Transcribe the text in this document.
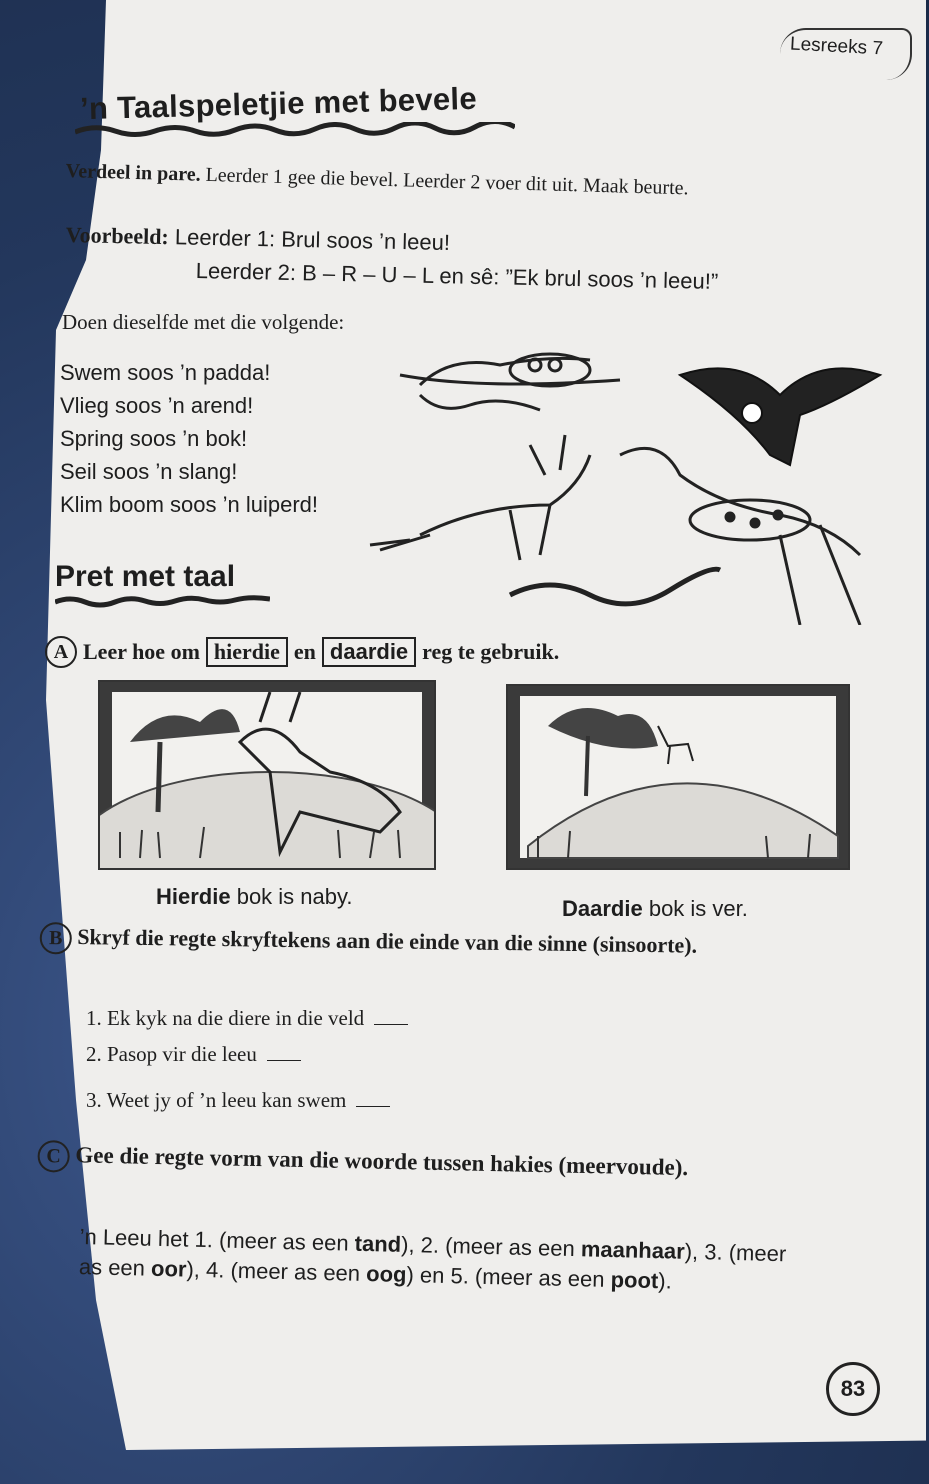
Lesreeks 7
’n Taalspeletjie met bevele
Verdeel in pare. Leerder 1 gee die bevel. Leerder 2 voer dit uit. Maak beurte.
Voorbeeld: Leerder 1: Brul soos ’n leeu!
Leerder 2: B – R – U – L en sê: ”Ek brul soos ’n leeu!”
Doen dieselfde met die volgende:
Swem soos ’n padda!
Vlieg soos ’n arend!
Spring soos ’n bok!
Seil soos ’n slang!
Klim boom soos ’n luiperd!
Pret met taal
A Leer hoe om hierdie en daardie reg te gebruik.
Hierdie bok is naby.	Daardie bok is ver.
B Skryf die regte skryftekens aan die einde van die sinne (sinsoorte).
1. Ek kyk na die diere in die veld
2. Pasop vir die leeu
3. Weet jy of ’n leeu kan swem
C Gee die regte vorm van die woorde tussen hakies (meervoude).
’n Leeu het 1. (meer as een tand), 2. (meer as een maanhaar), 3. (meer as een oor), 4. (meer as een oog) en 5. (meer as een poot).
83
